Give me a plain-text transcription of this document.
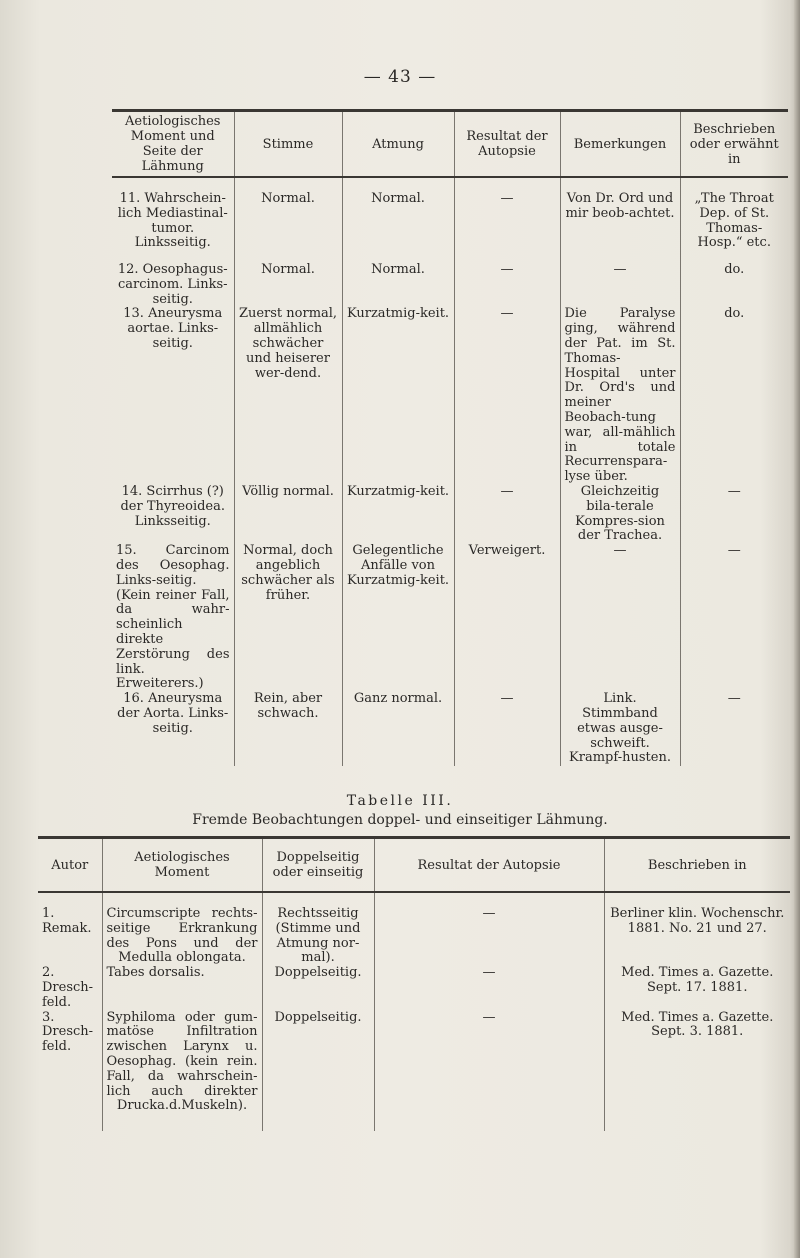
— 43 —
Aetiologisches Moment und Seite der Lähmung	Stimme	Atmung	Resultat der Autopsie	Bemerkungen	Beschrieben oder erwähnt in
11. Wahrschein-lich Mediastinal-tumor. Linksseitig.	Normal.	Normal.	—	Von Dr. Ord und mir beob-achtet.	„The Throat Dep. of St. Thomas-Hosp.“ etc.
12. Oesophagus-carcinom. Links-seitig.	Normal.	Normal.	—	—	do.
13. Aneurysma aortae. Links-seitig.	Zuerst normal, allmählich schwächer und heiserer wer-dend.	Kurzatmig-keit.	—	Die Paralyse ging, während der Pat. im St. Thomas-Hospital unter Dr. Ord's und meiner Beobach-tung war, all-mählich in totale Recurrenspara-lyse über.	do.
14. Scirrhus (?) der Thyreoidea. Linksseitig.	Völlig normal.	Kurzatmig-keit.	—	Gleichzeitig bila-terale Kompres-sion der Trachea.	—
15. Carcinom des Oesophag. Links-seitig. (Kein reiner Fall, da wahr-scheinlich direkte Zerstörung des link. Erweiterers.)	Normal, doch angeblich schwächer als früher.	Gelegentliche Anfälle von Kurzatmig-keit.	Verweigert.	—	—
16. Aneurysma der Aorta. Links-seitig.	Rein, aber schwach.	Ganz normal.	—	Link. Stimmband etwas ausge-schweift. Krampf-husten.	—
Tabelle III.
Fremde Beobachtungen doppel- und einseitiger Lähmung.
Autor	Aetiologisches Moment	Doppelseitig oder einseitig	Resultat der Autopsie	Beschrieben in
1. Remak.	Circumscripte rechts-seitige Erkrankung des Pons und der Medulla oblongata.	Rechtsseitig (Stimme und Atmung nor-mal).	—	Berliner klin. Wochenschr. 1881. No. 21 und 27.
2. Dresch-feld.	Tabes dorsalis.	Doppelseitig.	—	Med. Times a. Gazette. Sept. 17. 1881.
3. Dresch-feld.	Syphiloma oder gum-matöse Infiltration zwischen Larynx u. Oesophag. (kein rein. Fall, da wahrschein-lich auch direkter Drucka.d.Muskeln).	Doppelseitig.	—	Med. Times a. Gazette. Sept. 3. 1881.
